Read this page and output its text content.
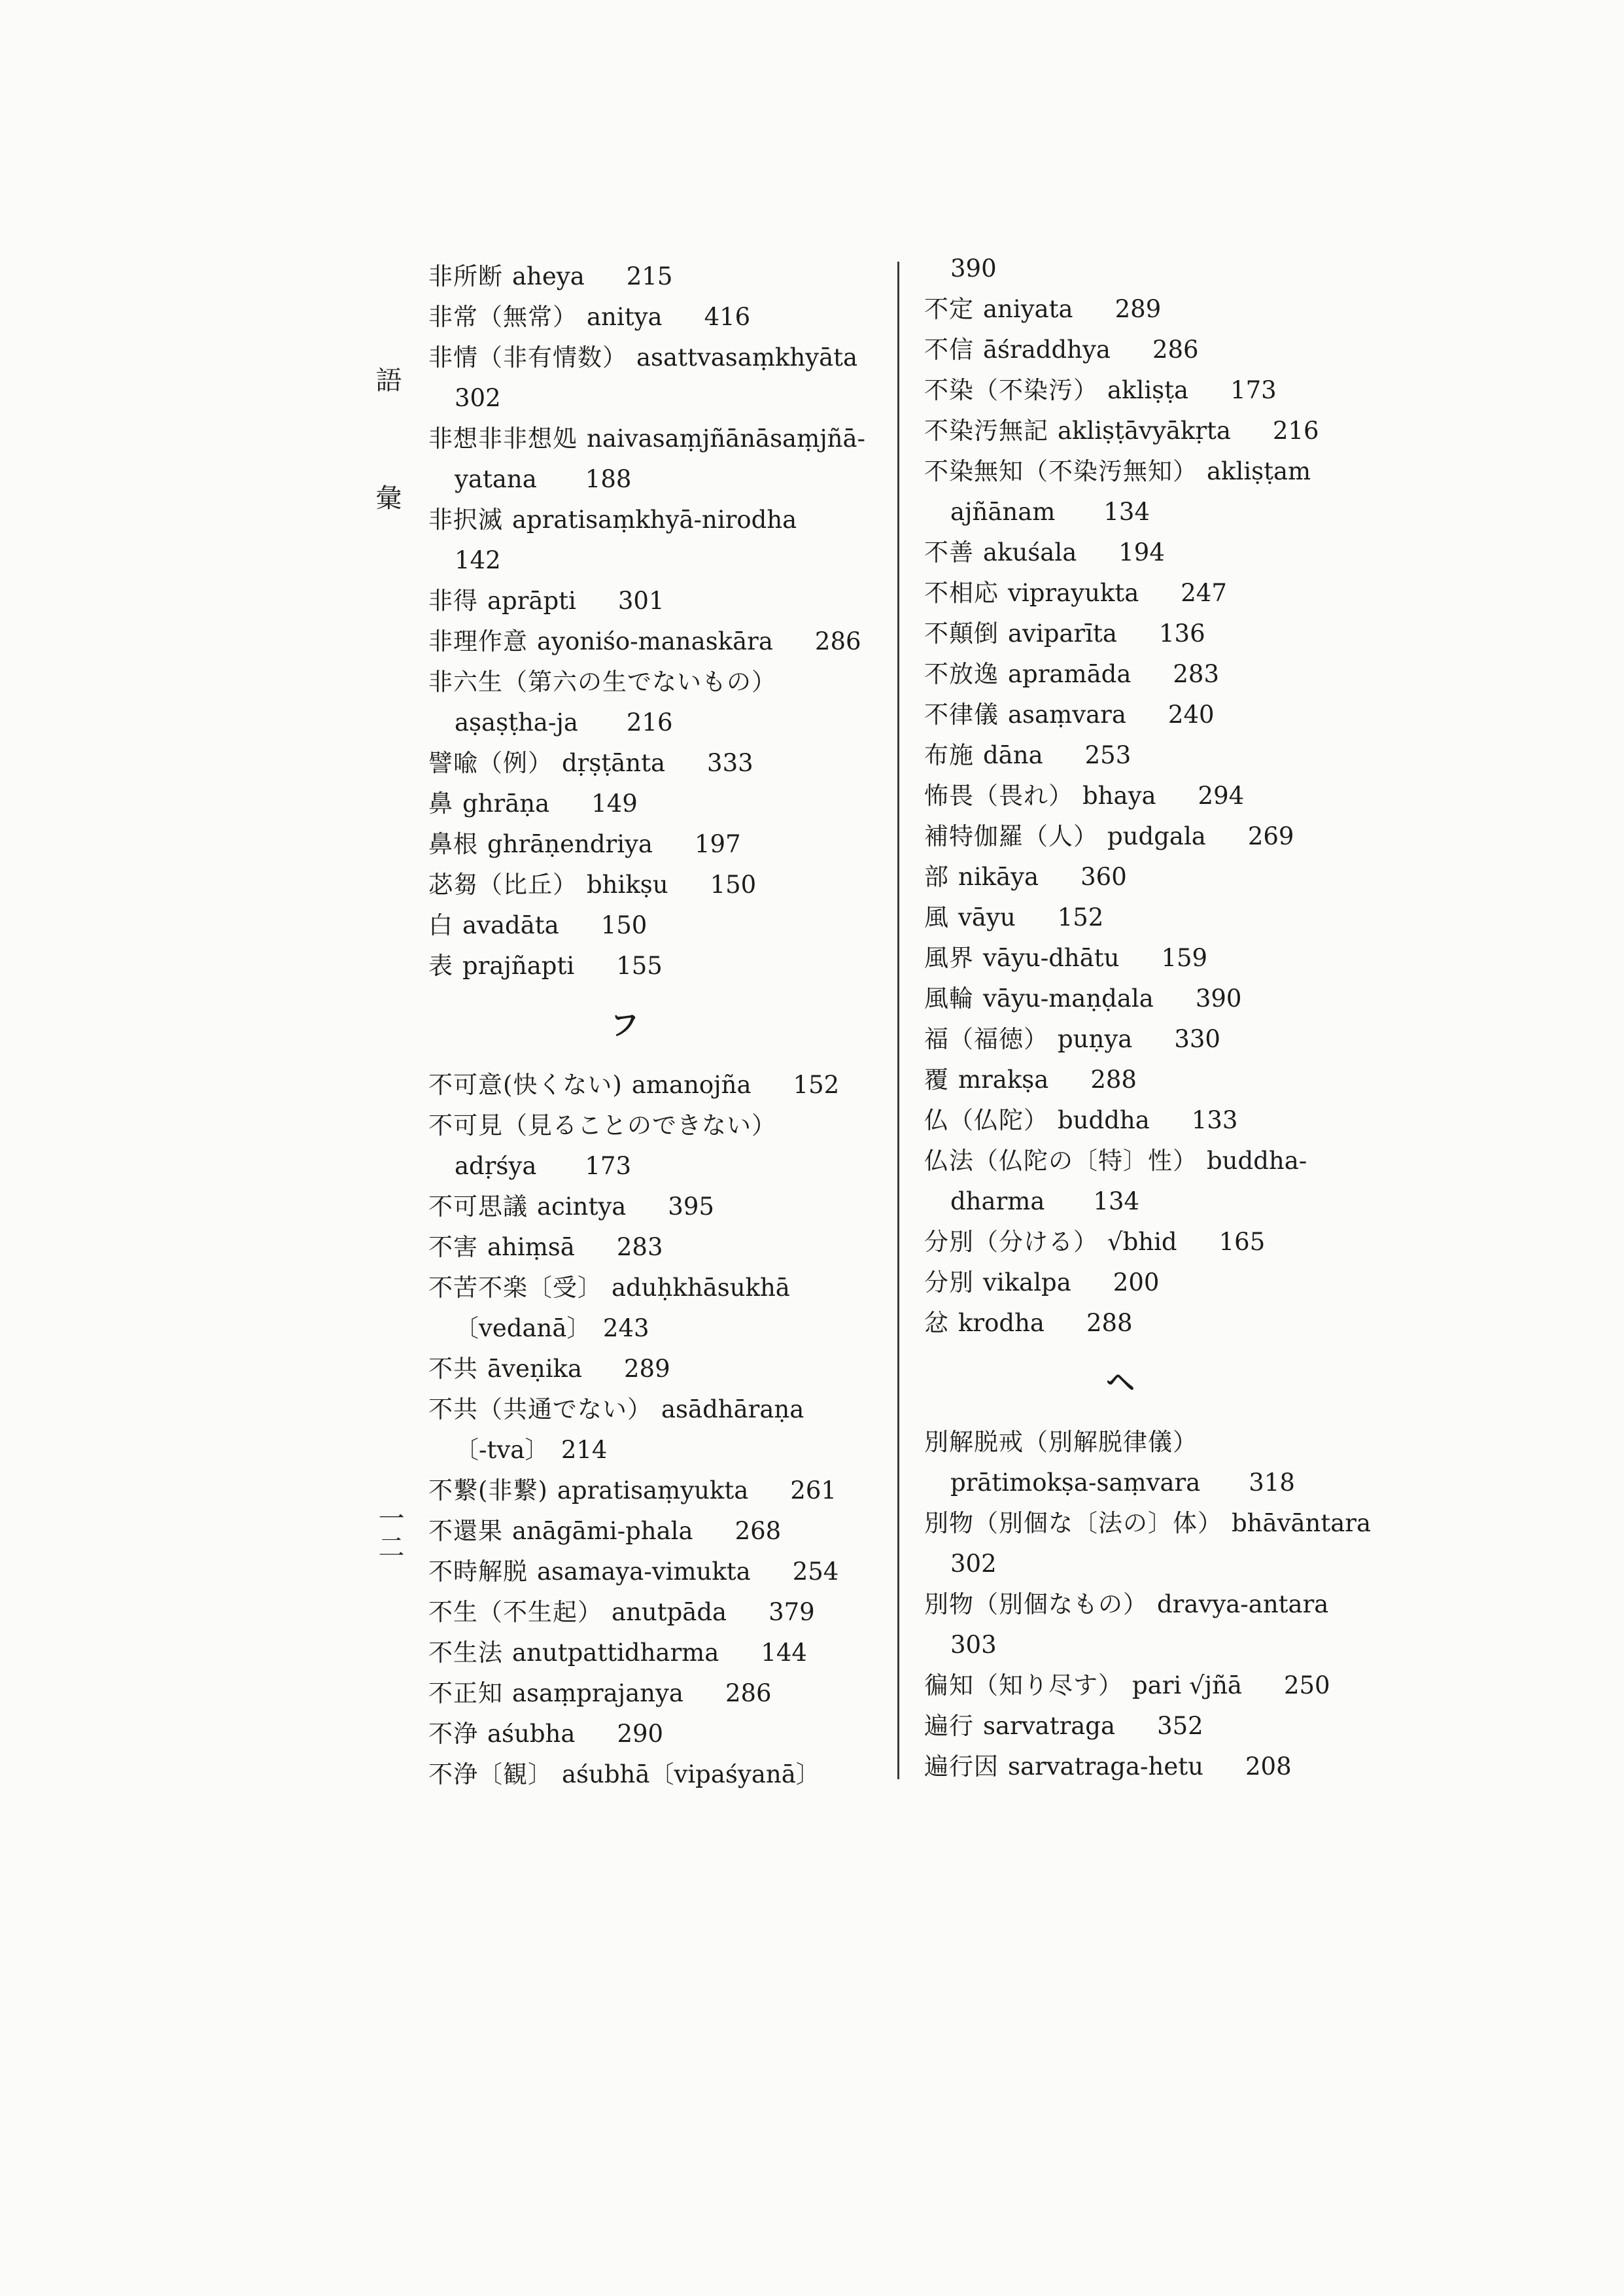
語彙
一二
非所断 aheya 215
非常（無常） anitya 416
非情（非有情数） asattvasaṃkhyāta
302
非想非非想処 naivasaṃjñānāsaṃjñā-
yatana　　188
非択滅 apratisaṃkhyā-nirodha
142
非得 aprāpti 301
非理作意 ayoniśo-manaskāra 286
非六生（第六の生でないもの）
aṣaṣṭha-ja　　216
譬喩（例） dṛṣṭānta 333
鼻 ghrāṇa 149
鼻根 ghrāṇendriya 197
苾芻（比丘） bhikṣu 150
白 avadāta 150
表 prajñapti 155
フ
不可意(快くない) amanojña 152
不可見（見ることのできない）
adṛśya　　173
不可思議 acintya 395
不害 ahiṃsā 283
不苦不楽〔受〕 aduḥkhāsukhā
〔vedanā〕　243
不共 āveṇika 289
不共（共通でない） asādhāraṇa
〔-tva〕　214
不繋(非繋) apratisaṃyukta 261
不還果 anāgāmi-phala 268
不時解脱 asamaya-vimukta 254
不生（不生起） anutpāda 379
不生法 anutpattidharma 144
不正知 asaṃprajanya 286
不浄 aśubha 290
不浄〔観〕 aśubhā〔vipaśyanā〕
390
不定 aniyata 289
不信 āśraddhya 286
不染（不染汚） akliṣṭa 173
不染汚無記 akliṣṭāvyākṛta 216
不染無知（不染汚無知） akliṣṭam
ajñānam　　134
不善 akuśala 194
不相応 viprayukta 247
不顛倒 aviparīta 136
不放逸 apramāda 283
不律儀 asaṃvara 240
布施 dāna 253
怖畏（畏れ） bhaya 294
補特伽羅（人） pudgala 269
部 nikāya 360
風 vāyu 152
風界 vāyu-dhātu 159
風輪 vāyu-maṇḍala 390
福（福徳） puṇya 330
覆 mrakṣa 288
仏（仏陀） buddha 133
仏法（仏陀の〔特〕性） buddha-
dharma　　134
分別（分ける） √bhid 165
分別 vikalpa 200
忿 krodha 288
ヘ
別解脱戒（別解脱律儀）
prātimokṣa-saṃvara　　318
別物（別個な〔法の〕体） bhāvāntara
302
別物（別個なもの） dravya-antara
303
徧知（知り尽す） pari √jñā 250
遍行 sarvatraga 352
遍行因 sarvatraga-hetu 208
